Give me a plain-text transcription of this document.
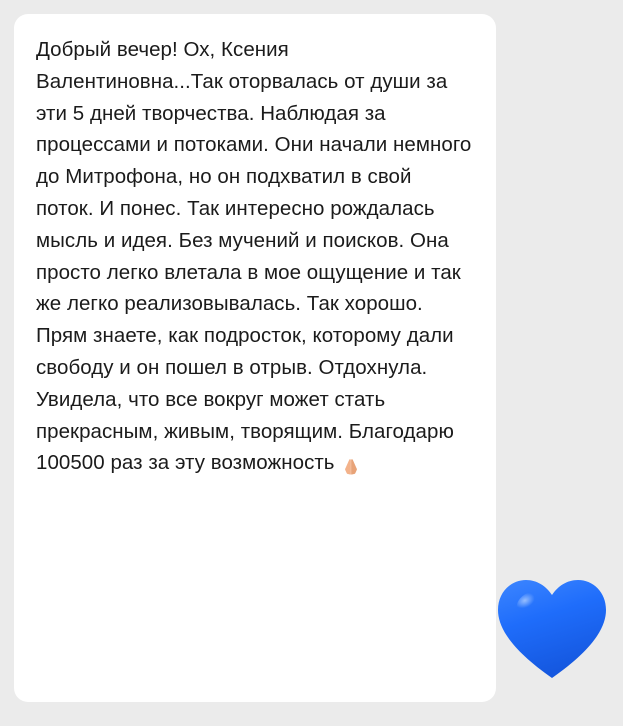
Добрый вечер! Ох, Ксения Валентиновна...Так оторвалась от души за эти 5 дней творчества. Наблюдая за процессами и потоками. Они начали немного до Митрофона, но он подхватил в свой поток. И понес. Так интересно рождалась мысль и идея. Без мучений и поисков. Она просто легко влетала в мое ощущение и так же легко реализовывалась. Так хорошо. Прям знаете, как подросток, которому дали свободу и он пошел в отрыв. Отдохнула. Увидела, что все вокруг может стать прекрасным, живым, творящим. Благодарю 100500 раз за эту возможность
